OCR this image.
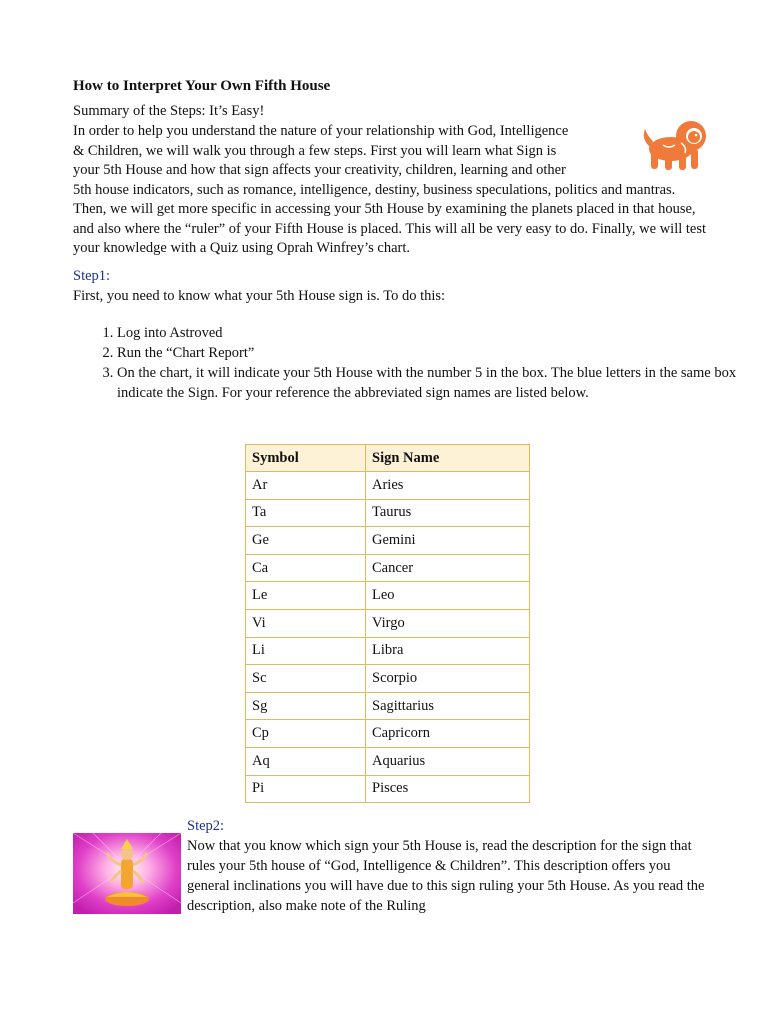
How to Interpret Your Own Fifth House

Summary of the Steps: It’s Easy!

In order to help you understand the nature of your relationship with God, Intelligence
& Children, we will walk you through a few steps. First you will learn what Sign is
your 5th House and how that sign affects your creativity, children, learning and other
5th house indicators, such as romance, intelligence, destiny, business speculations, politics and mantras. Then, we will get more specific in accessing your 5th House by examining the planets placed in that house, and also where the “ruler” of your Fifth House is placed. This will all be very easy to do. Finally, we will test your knowledge with a Quiz using Oprah Winfrey’s chart.

Step1:

First, you need to know what your 5th House sign is. To do this:

1. Log into Astroved
2. Run the “Chart Report”
3. On the chart, it will indicate your 5th House with the number 5 in the box. The blue letters in the same box indicate the Sign. For your reference the abbreviated sign names are listed below.
Symbol	Sign Name
Ar	Aries
Ta	Taurus
Ge	Gemini
Ca	Cancer
Le	Leo
Vi	Virgo
Li	Libra
Sc	Scorpio
Sg	Sagittarius
Cp	Capricorn
Aq	Aquarius
Pi	Pisces

Step2:

Now that you know which sign your 5th House is, read the description for the sign that rules your 5th house of “God, Intelligence & Children”. This description offers you general inclinations you will have due to this sign ruling your 5th House. As you read the description, also make note of the Ruling
